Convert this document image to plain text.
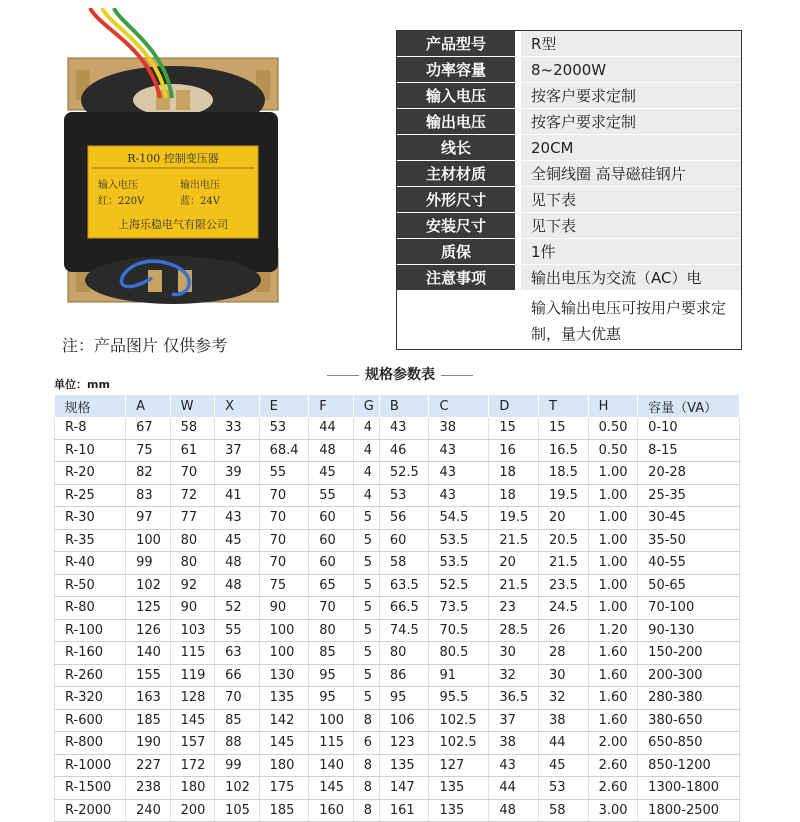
R-100 控制变压器
输入电压	输出电压
红：220V	蓝：24V
上海乐稳电气有限公司
产品型号	R型
功率容量	8~2000W
输入电压	按客户要求定制
输出电压	按客户要求定制
线长	20CM
主材材质	全铜线圈 高导磁硅钢片
外形尺寸	见下表
安装尺寸	见下表
质保	1件
注意事项	输出电压为交流（AC）电
输入输出电压可按用户要求定制，量大优惠
注：产品图片 仅供参考
规格参数表
单位：mm
规格	A	W	X	E	F	G	B	C	D	T	H	容量（VA）
R-8	67	58	33	53	44	4	43	38	15	15	0.50	0-10
R-10	75	61	37	68.4	48	4	46	43	16	16.5	0.50	8-15
R-20	82	70	39	55	45	4	52.5	43	18	18.5	1.00	20-28
R-25	83	72	41	70	55	4	53	43	18	19.5	1.00	25-35
R-30	97	77	43	70	60	5	56	54.5	19.5	20	1.00	30-45
R-35	100	80	45	70	60	5	60	53.5	21.5	20.5	1.00	35-50
R-40	99	80	48	70	60	5	58	53.5	20	21.5	1.00	40-55
R-50	102	92	48	75	65	5	63.5	52.5	21.5	23.5	1.00	50-65
R-80	125	90	52	90	70	5	66.5	73.5	23	24.5	1.00	70-100
R-100	126	103	55	100	80	5	74.5	70.5	28.5	26	1.20	90-130
R-160	140	115	63	100	85	5	80	80.5	30	28	1.60	150-200
R-260	155	119	66	130	95	5	86	91	32	30	1.60	200-300
R-320	163	128	70	135	95	5	95	95.5	36.5	32	1.60	280-380
R-600	185	145	85	142	100	8	106	102.5	37	38	1.60	380-650
R-800	190	157	88	145	115	6	123	102.5	38	44	2.00	650-850
R-1000	227	172	99	180	140	8	135	127	43	45	2.60	850-1200
R-1500	238	180	102	175	145	8	147	135	44	53	2.60	1300-1800
R-2000	240	200	105	185	160	8	161	135	48	58	3.00	1800-2500
